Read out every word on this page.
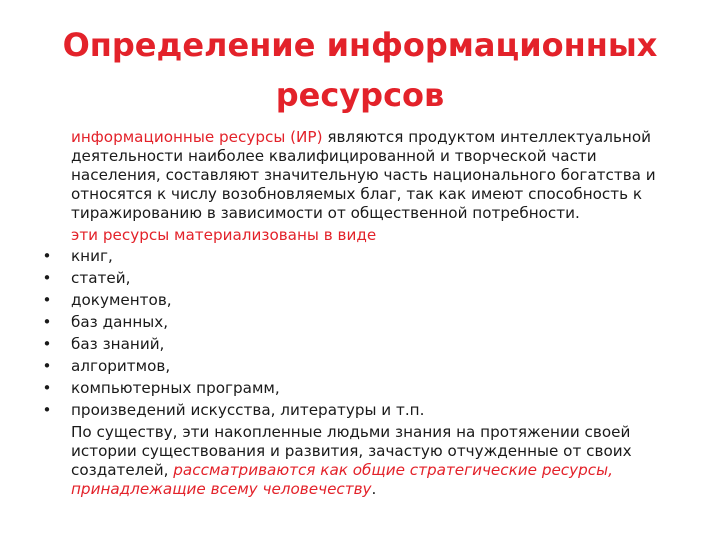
Определение информационных
ресурсов
информационные ресурсы (ИР) являются продуктом интеллектуальной
деятельности наиболее квалифицированной и творческой части
населения, составляют значительную часть национального богатства и
относятся к числу возобновляемых благ, так как имеют способность к
тиражированию в зависимости от общественной потребности.
эти ресурсы материализованы в виде
• книг,
• статей,
• документов,
• баз данных,
• баз знаний,
• алгоритмов,
• компьютерных программ,
• произведений искусства, литературы и т.п.
По существу, эти накопленные людьми знания на протяжении своей
истории существования и развития, зачастую отчужденные от своих
создателей, рассматриваются как общие стратегические ресурсы,
принадлежащие всему человечеству.
